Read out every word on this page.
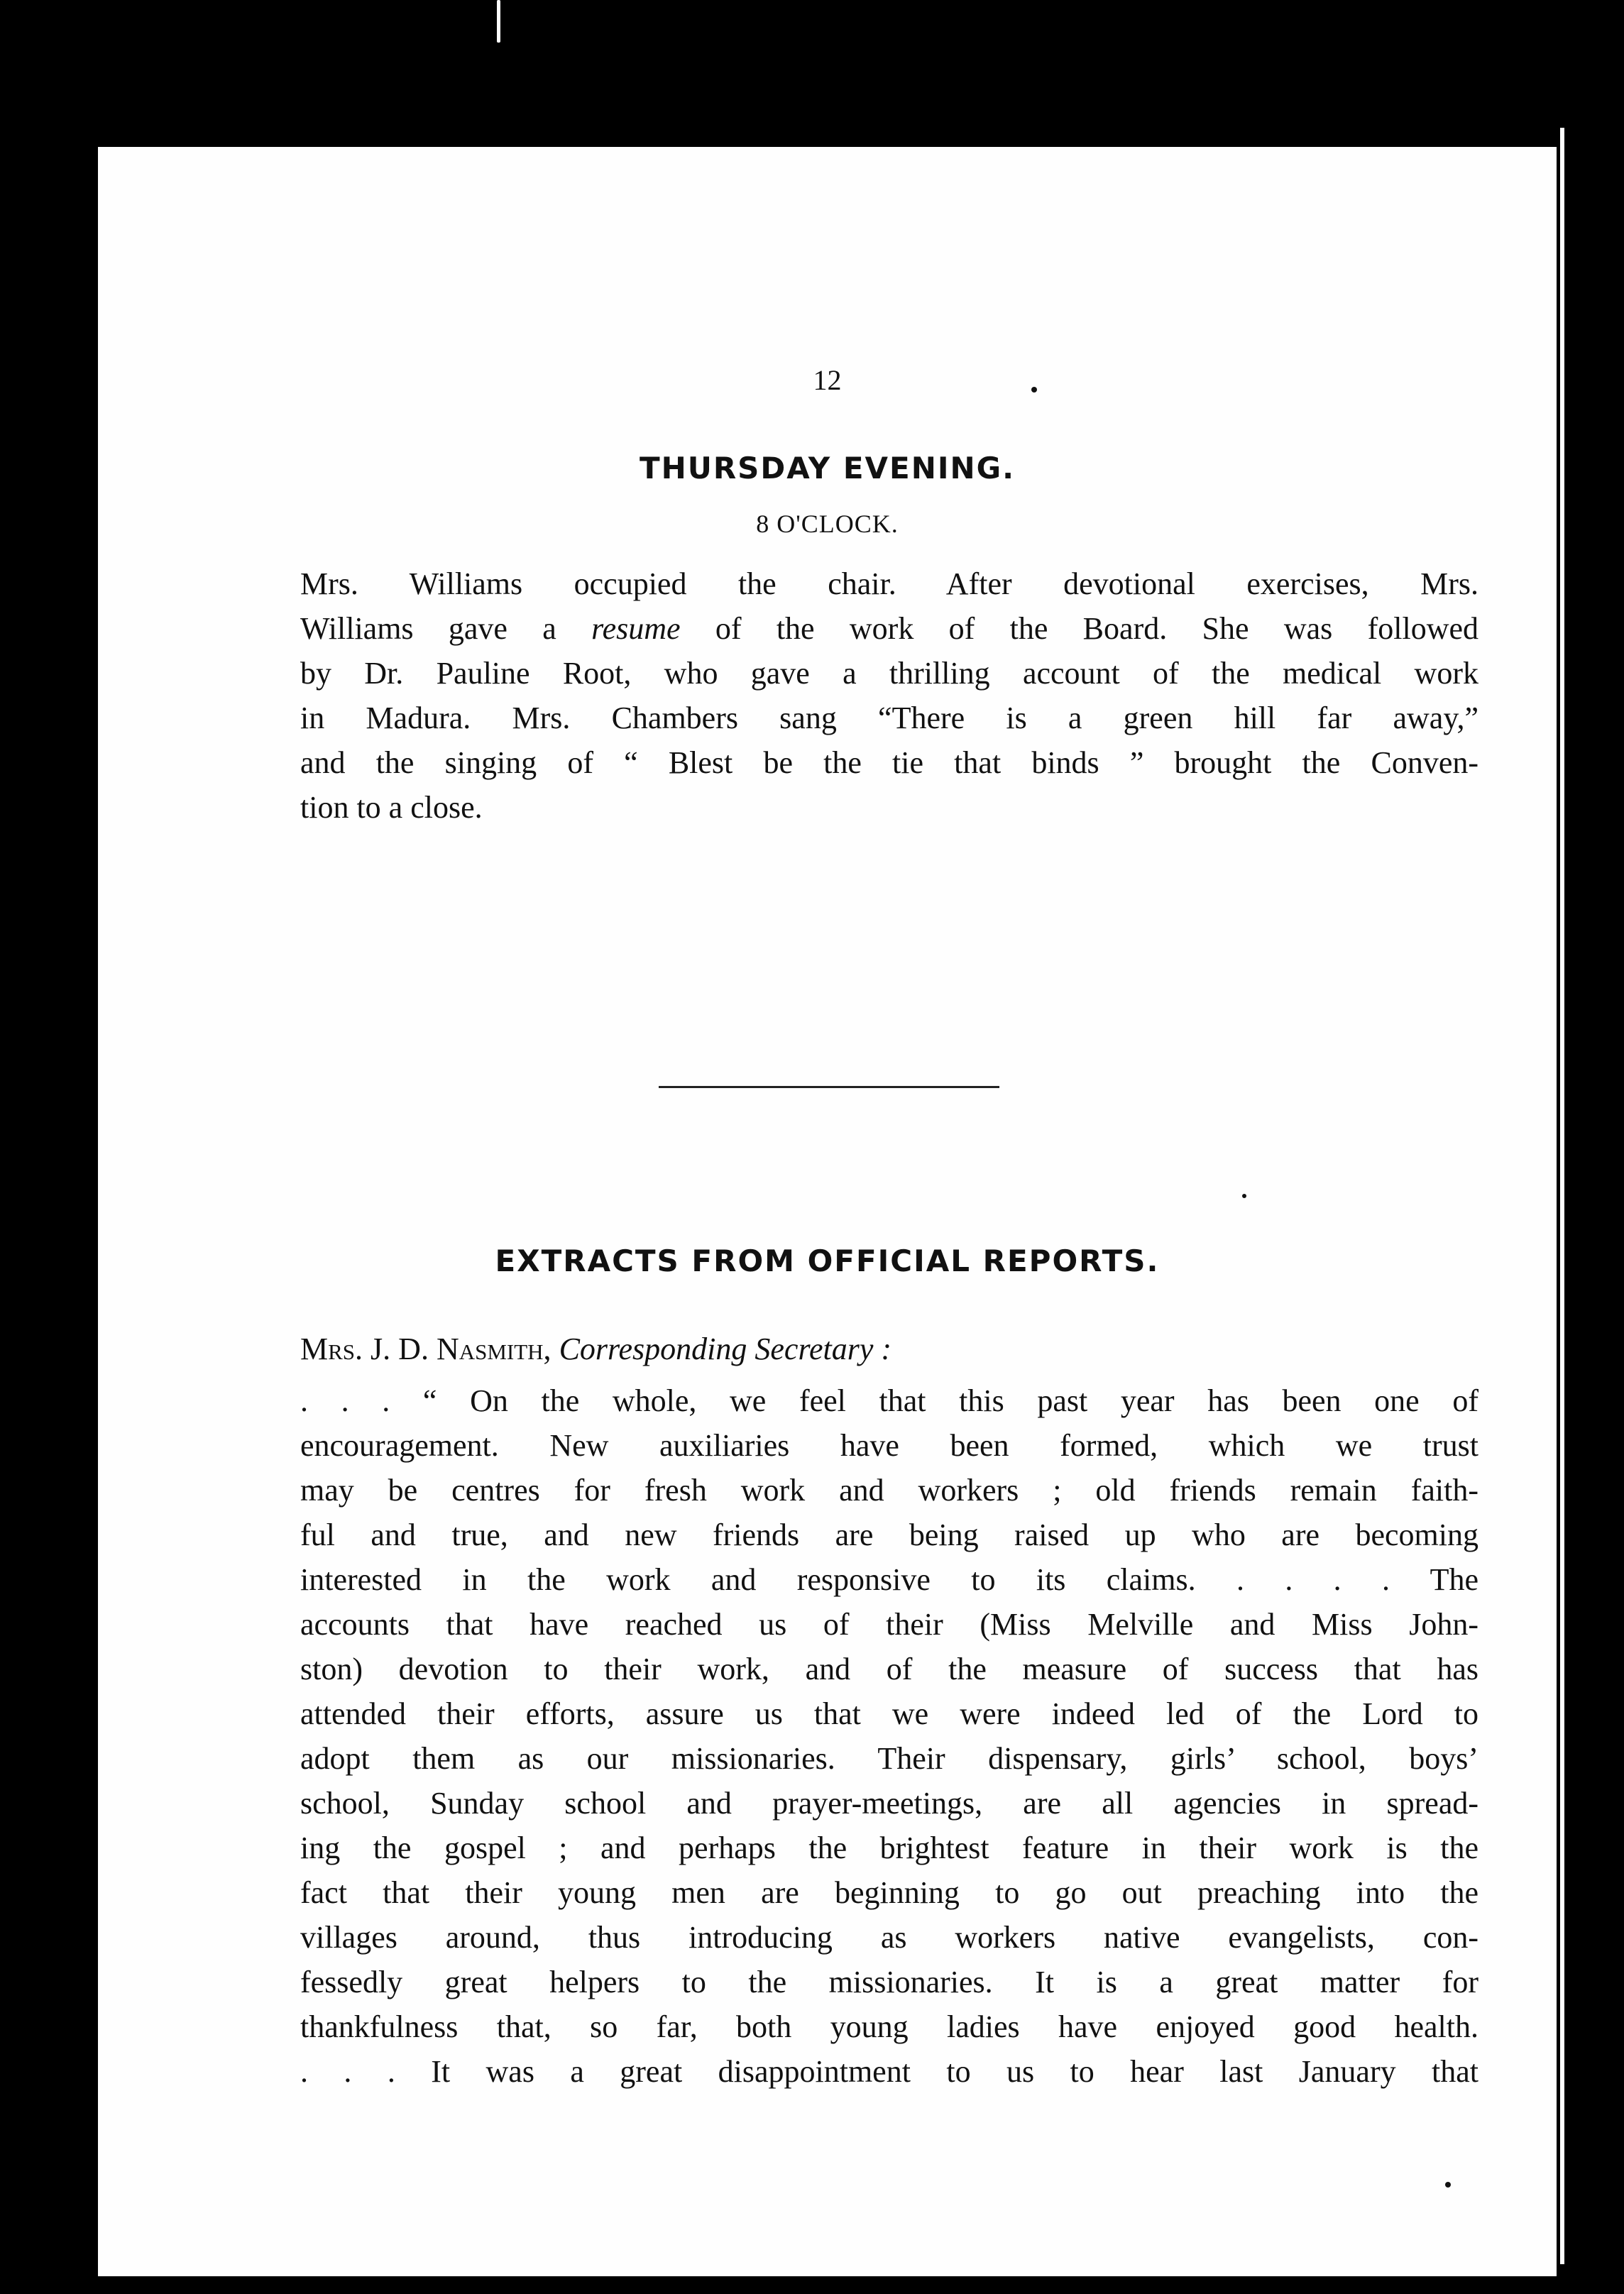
12
THURSDAY EVENING.
8 O'CLOCK.
Mrs. Williams occupied the chair. After devotional exercises, Mrs.
Williams gave a resume of the work of the Board. She was followed
by Dr. Pauline Root, who gave a thrilling account of the medical work
in Madura. Mrs. Chambers sang “There is a green hill far away,”
and the singing of “ Blest be the tie that binds ” brought the Conven-
tion to a close.
EXTRACTS FROM OFFICIAL REPORTS.
Mrs. J. D. Nasmith, Corresponding Secretary :
. . . “ On the whole, we feel that this past year has been one of
encouragement. New auxiliaries have been formed, which we trust
may be centres for fresh work and workers ; old friends remain faith-
ful and true, and new friends are being raised up who are becoming
interested in the work and responsive to its claims. . . . . The
accounts that have reached us of their (Miss Melville and Miss John-
ston) devotion to their work, and of the measure of success that has
attended their efforts, assure us that we were indeed led of the Lord to
adopt them as our missionaries. Their dispensary, girls’ school, boys’
school, Sunday school and prayer-meetings, are all agencies in spread-
ing the gospel ; and perhaps the brightest feature in their work is the
fact that their young men are beginning to go out preaching into the
villages around, thus introducing as workers native evangelists, con-
fessedly great helpers to the missionaries. It is a great matter for
thankfulness that, so far, both young ladies have enjoyed good health.
. . . It was a great disappointment to us to hear last January that
